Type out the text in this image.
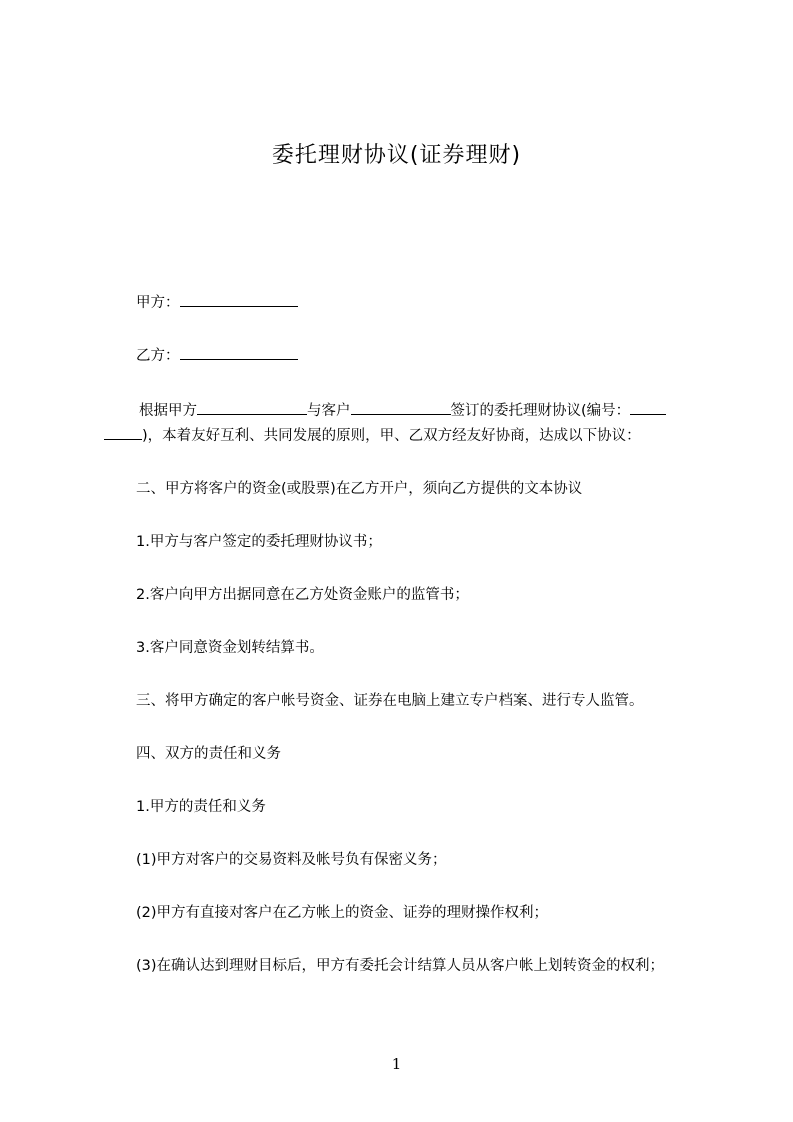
委托理财协议(证券理财)
甲方：
乙方：
根据甲方	与客户	签订的委托理财协议(编号：
)，本着友好互利、共同发展的原则，甲、乙双方经友好协商，达成以下协议：
二、甲方将客户的资金(或股票)在乙方开户，须向乙方提供的文本协议
1.甲方与客户签定的委托理财协议书；
2.客户向甲方出据同意在乙方处资金账户的监管书；
3.客户同意资金划转结算书。
三、将甲方确定的客户帐号资金、证券在电脑上建立专户档案、进行专人监管。
四、双方的责任和义务
1.甲方的责任和义务
(1)甲方对客户的交易资料及帐号负有保密义务；
(2)甲方有直接对客户在乙方帐上的资金、证券的理财操作权利；
(3)在确认达到理财目标后，甲方有委托会计结算人员从客户帐上划转资金的权利；
1
